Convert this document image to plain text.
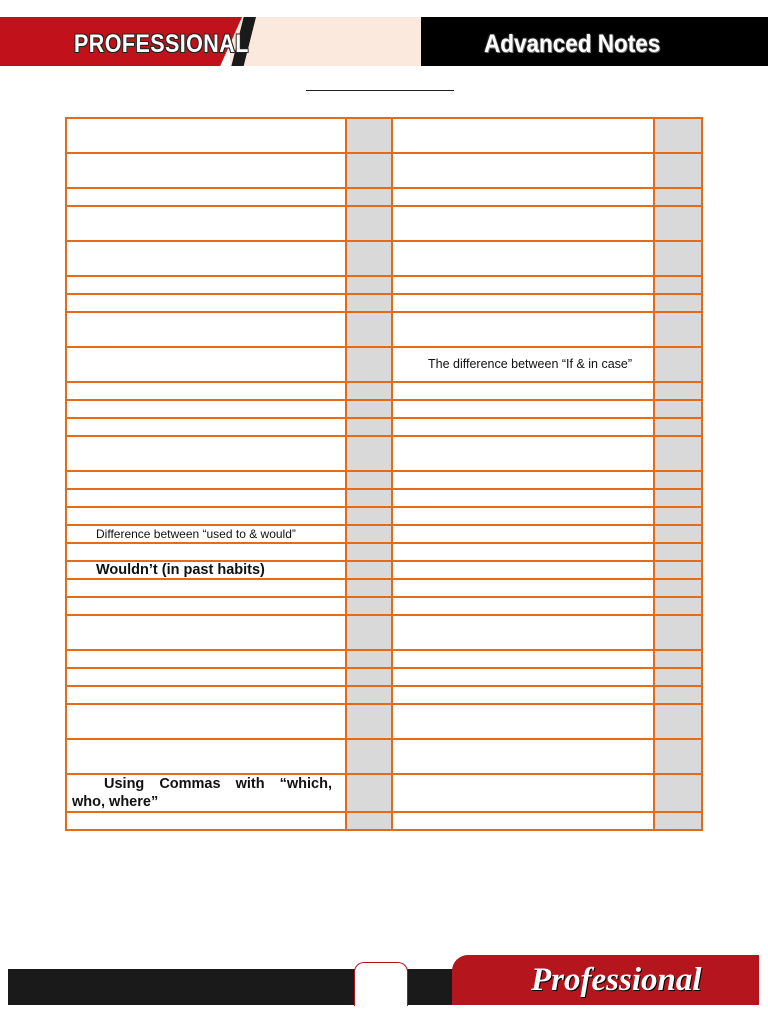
PROFESSIONAL	Advanced Notes

		The difference between “If & in case”	

Difference between “used to & would”			

Wouldn’t (in past habits)			

Using Commas with “which, who, where”			

Professional
